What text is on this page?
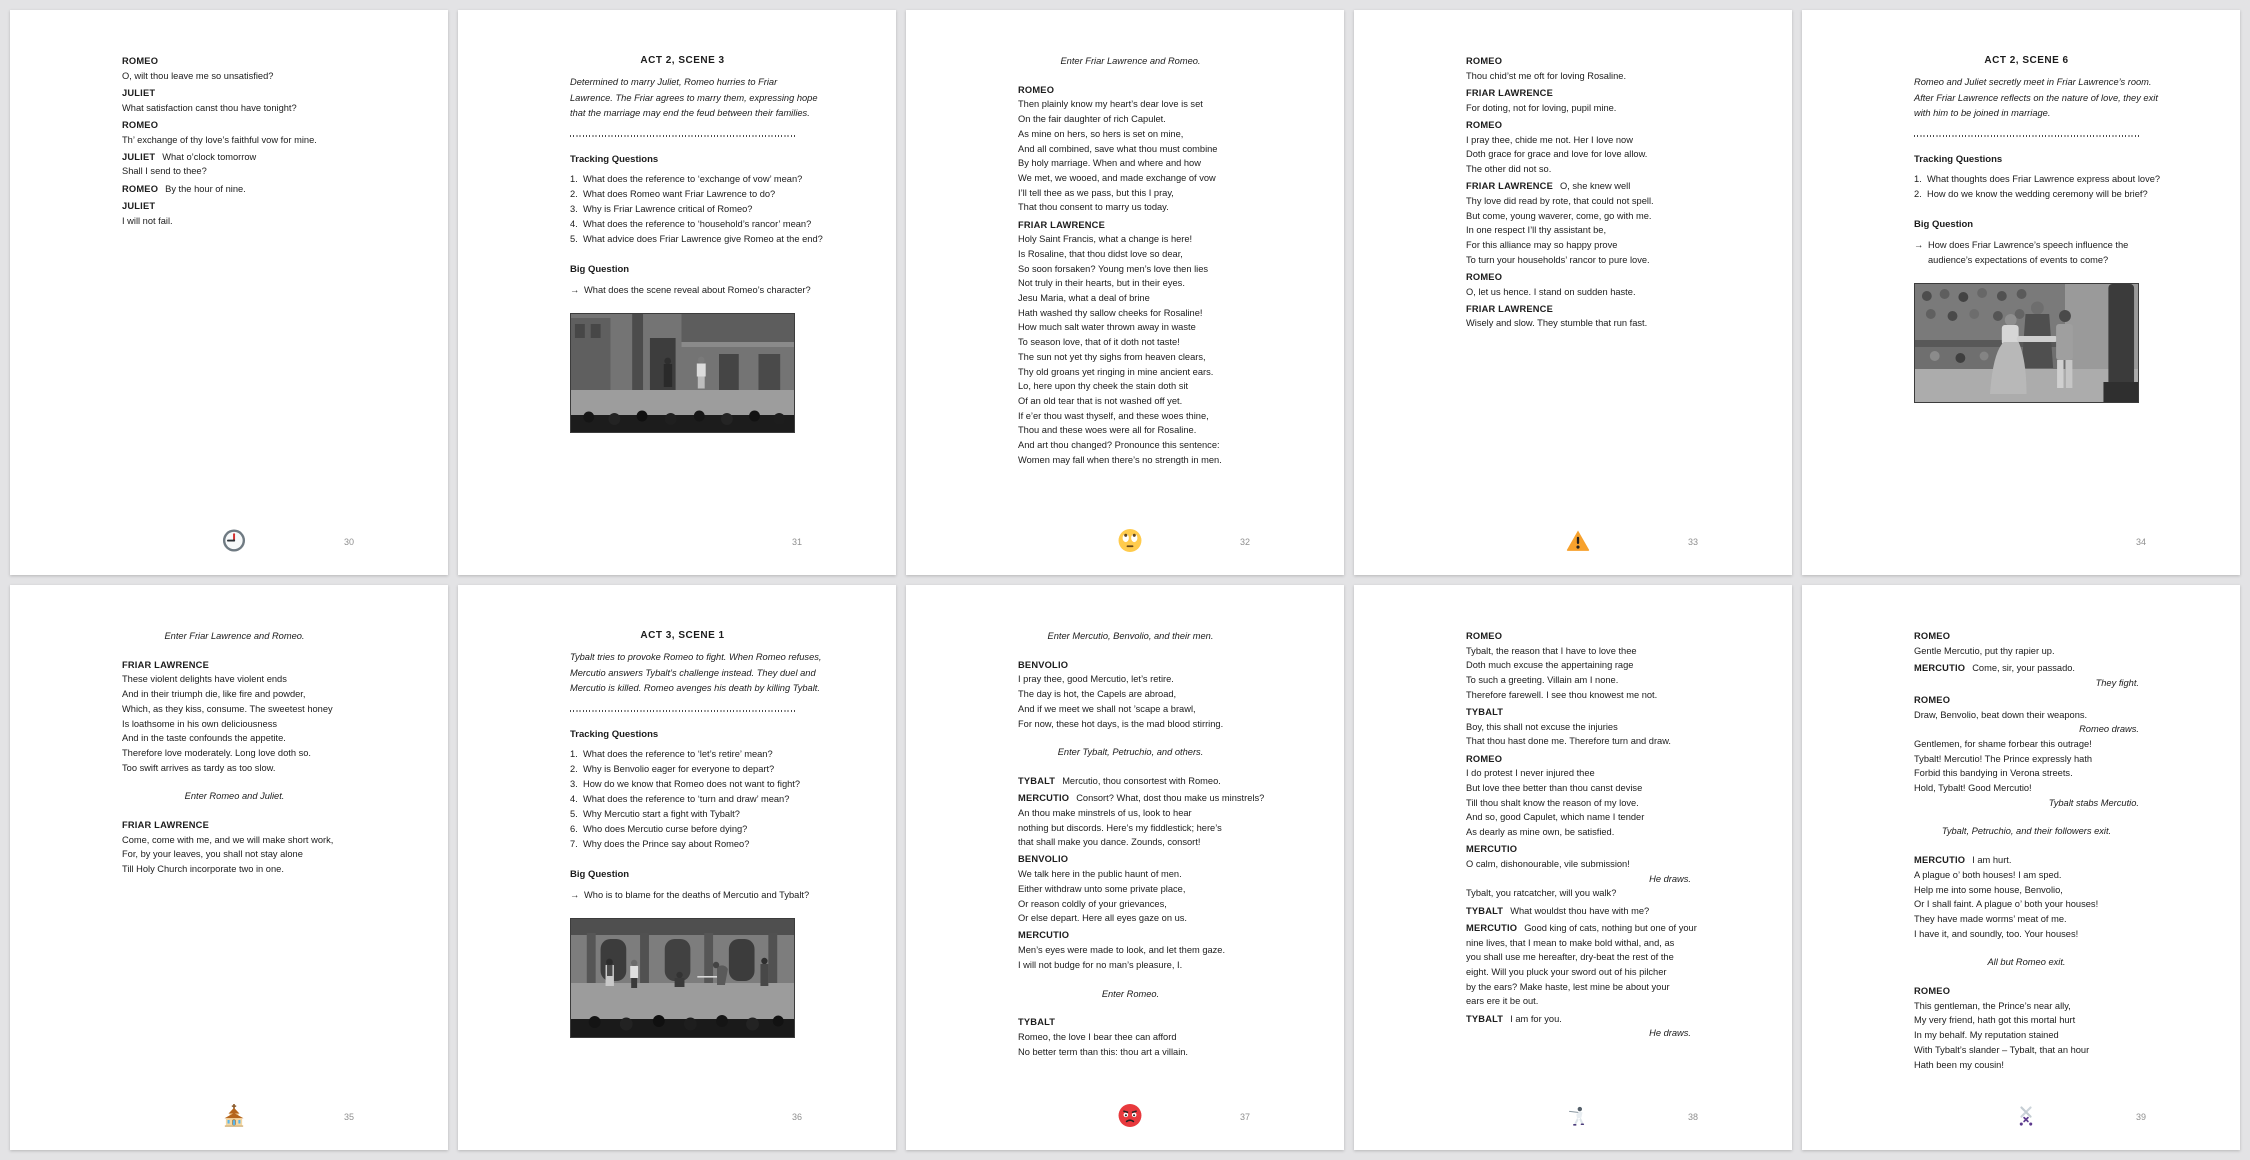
ROMEO
O, wilt thou leave me so unsatisfied?
JULIET
What satisfaction canst thou have tonight?
ROMEO
Th’ exchange of thy love’s faithful vow for mine.
JULIET What o’clock tomorrow
Shall I send to thee?
ROMEO By the hour of nine.
JULIET
I will not fail.
30
ACT 2, SCENE 3
Determined to marry Juliet, Romeo hurries to Friar
Lawrence. The Friar agrees to marry them, expressing hope
that the marriage may end the feud between their families.
Tracking Questions
1. What does the reference to ‘exchange of vow’ mean?
2. What does Romeo want Friar Lawrence to do?
3. Why is Friar Lawrence critical of Romeo?
4. What does the reference to ‘household’s rancor’ mean?
5. What advice does Friar Lawrence give Romeo at the end?
Big Question
→ What does the scene reveal about Romeo’s character?
31
Enter Friar Lawrence and Romeo.
ROMEO
Then plainly know my heart’s dear love is set
On the fair daughter of rich Capulet.
As mine on hers, so hers is set on mine,
And all combined, save what thou must combine
By holy marriage. When and where and how
We met, we wooed, and made exchange of vow
I’ll tell thee as we pass, but this I pray,
That thou consent to marry us today.
FRIAR LAWRENCE
Holy Saint Francis, what a change is here!
Is Rosaline, that thou didst love so dear,
So soon forsaken? Young men’s love then lies
Not truly in their hearts, but in their eyes.
Jesu Maria, what a deal of brine
Hath washed thy sallow cheeks for Rosaline!
How much salt water thrown away in waste
To season love, that of it doth not taste!
The sun not yet thy sighs from heaven clears,
Thy old groans yet ringing in mine ancient ears.
Lo, here upon thy cheek the stain doth sit
Of an old tear that is not washed off yet.
If e’er thou wast thyself, and these woes thine,
Thou and these woes were all for Rosaline.
And art thou changed? Pronounce this sentence:
Women may fall when there’s no strength in men.
32
ROMEO
Thou chid’st me oft for loving Rosaline.
FRIAR LAWRENCE
For doting, not for loving, pupil mine.
ROMEO
I pray thee, chide me not. Her I love now
Doth grace for grace and love for love allow.
The other did not so.
FRIAR LAWRENCE O, she knew well
Thy love did read by rote, that could not spell.
But come, young waverer, come, go with me.
In one respect I’ll thy assistant be,
For this alliance may so happy prove
To turn your households’ rancor to pure love.
ROMEO
O, let us hence. I stand on sudden haste.
FRIAR LAWRENCE
Wisely and slow. They stumble that run fast.
33
ACT 2, SCENE 6
Romeo and Juliet secretly meet in Friar Lawrence’s room.
After Friar Lawrence reflects on the nature of love, they exit
with him to be joined in marriage.
Tracking Questions
1. What thoughts does Friar Lawrence express about love?
2. How do we know the wedding ceremony will be brief?
Big Question
→ How does Friar Lawrence’s speech influence the
audience’s expectations of events to come?
34
Enter Friar Lawrence and Romeo.
FRIAR LAWRENCE
These violent delights have violent ends
And in their triumph die, like fire and powder,
Which, as they kiss, consume. The sweetest honey
Is loathsome in his own deliciousness
And in the taste confounds the appetite.
Therefore love moderately. Long love doth so.
Too swift arrives as tardy as too slow.
Enter Romeo and Juliet.
FRIAR LAWRENCE
Come, come with me, and we will make short work,
For, by your leaves, you shall not stay alone
Till Holy Church incorporate two in one.
35
ACT 3, SCENE 1
Tybalt tries to provoke Romeo to fight. When Romeo refuses,
Mercutio answers Tybalt’s challenge instead. They duel and
Mercutio is killed. Romeo avenges his death by killing Tybalt.
Tracking Questions
1. What does the reference to ‘let’s retire’ mean?
2. Why is Benvolio eager for everyone to depart?
3. How do we know that Romeo does not want to fight?
4. What does the reference to ‘turn and draw’ mean?
5. Why Mercutio start a fight with Tybalt?
6. Who does Mercutio curse before dying?
7. Why does the Prince say about Romeo?
Big Question
→ Who is to blame for the deaths of Mercutio and Tybalt?
36
Enter Mercutio, Benvolio, and their men.
BENVOLIO
I pray thee, good Mercutio, let’s retire.
The day is hot, the Capels are abroad,
And if we meet we shall not ’scape a brawl,
For now, these hot days, is the mad blood stirring.
Enter Tybalt, Petruchio, and others.
TYBALT Mercutio, thou consortest with Romeo.
MERCUTIO Consort? What, dost thou make us minstrels?
An thou make minstrels of us, look to hear
nothing but discords. Here’s my fiddlestick; here’s
that shall make you dance. Zounds, consort!
BENVOLIO
We talk here in the public haunt of men.
Either withdraw unto some private place,
Or reason coldly of your grievances,
Or else depart. Here all eyes gaze on us.
MERCUTIO
Men’s eyes were made to look, and let them gaze.
I will not budge for no man’s pleasure, I.
Enter Romeo.
TYBALT
Romeo, the love I bear thee can afford
No better term than this: thou art a villain.
37
ROMEO
Tybalt, the reason that I have to love thee
Doth much excuse the appertaining rage
To such a greeting. Villain am I none.
Therefore farewell. I see thou knowest me not.
TYBALT
Boy, this shall not excuse the injuries
That thou hast done me. Therefore turn and draw.
ROMEO
I do protest I never injured thee
But love thee better than thou canst devise
Till thou shalt know the reason of my love.
And so, good Capulet, which name I tender
As dearly as mine own, be satisfied.
MERCUTIO
O calm, dishonourable, vile submission!
He draws.
Tybalt, you ratcatcher, will you walk?
TYBALT What wouldst thou have with me?
MERCUTIO Good king of cats, nothing but one of your
nine lives, that I mean to make bold withal, and, as
you shall use me hereafter, dry-beat the rest of the
eight. Will you pluck your sword out of his pilcher
by the ears? Make haste, lest mine be about your
ears ere it be out.
TYBALT I am for you.
He draws.
38
ROMEO
Gentle Mercutio, put thy rapier up.
MERCUTIO Come, sir, your passado.
They fight.
ROMEO
Draw, Benvolio, beat down their weapons.
Romeo draws.
Gentlemen, for shame forbear this outrage!
Tybalt! Mercutio! The Prince expressly hath
Forbid this bandying in Verona streets.
Hold, Tybalt! Good Mercutio!
Tybalt stabs Mercutio.
Tybalt, Petruchio, and their followers exit.
MERCUTIO I am hurt.
A plague o’ both houses! I am sped.
Help me into some house, Benvolio,
Or I shall faint. A plague o’ both your houses!
They have made worms’ meat of me.
I have it, and soundly, too. Your houses!
All but Romeo exit.
ROMEO
This gentleman, the Prince’s near ally,
My very friend, hath got this mortal hurt
In my behalf. My reputation stained
With Tybalt’s slander – Tybalt, that an hour
Hath been my cousin!
39
